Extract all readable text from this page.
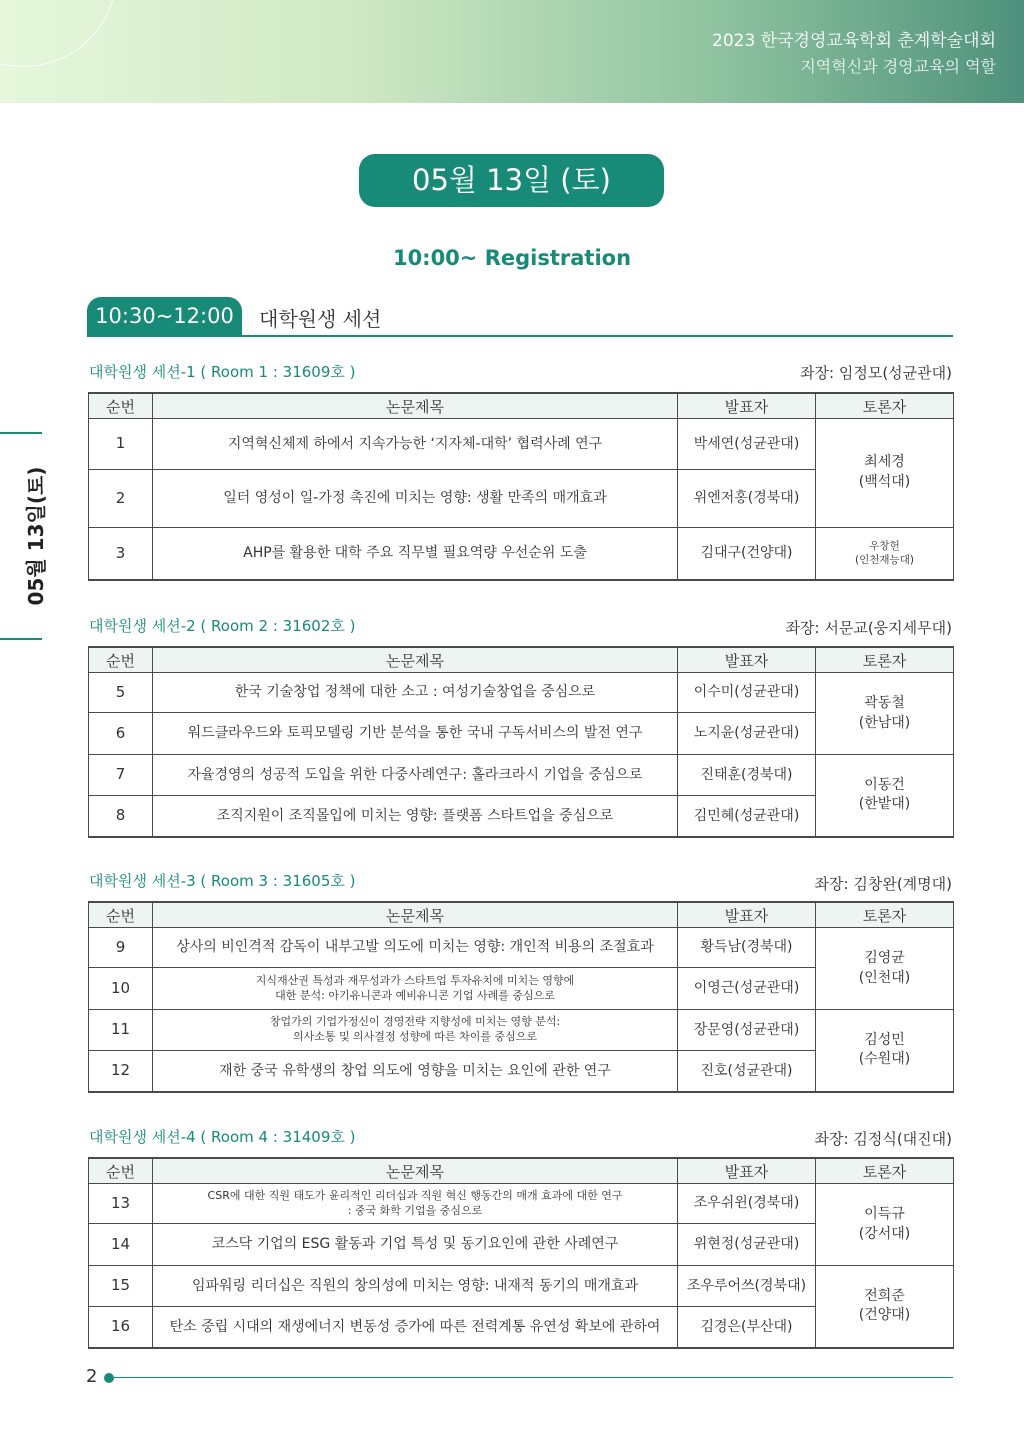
2023 한국경영교육학회 춘계학술대회
지역혁신과 경영교육의 역할
05월 13일(토)
05월 13일 (토)
10:00~ Registration
10:30~12:00	대학원생 세션
대학원생 세션-1 ( Room 1 : 31609호 )	좌장: 임정모(성균관대)
순번	논문제목	발표자	토론자
1	지역혁신체제 하에서 지속가능한 ‘지자체-대학’ 협력사례 연구	박세연(성균관대)	최세경
(백석대)
2	일터 영성이 일-가정 촉진에 미치는 영향: 생활 만족의 매개효과	위엔저홍(경북대)	
3	AHP를 활용한 대학 주요 직무별 필요역량 우선순위 도출	김대구(건양대)	우창헌
(인천재능대)
대학원생 세션-2 ( Room 2 : 31602호 )	좌장: 서문교(웅지세무대)
순번	논문제목	발표자	토론자
5	한국 기술창업 정책에 대한 소고 : 여성기술창업을 중심으로	이수미(성균관대)	곽동철
(한남대)
6	워드클라우드와 토픽모델링 기반 분석을 통한 국내 구독서비스의 발전 연구	노지윤(성균관대)	
7	자율경영의 성공적 도입을 위한 다중사례연구: 홀라크라시 기업을 중심으로	진태훈(경북대)	이동건
(한밭대)
8	조직지원이 조직몰입에 미치는 영향: 플랫폼 스타트업을 중심으로	김민혜(성균관대)	
대학원생 세션-3 ( Room 3 : 31605호 )	좌장: 김창완(계명대)
순번	논문제목	발표자	토론자
9	상사의 비인격적 감독이 내부고발 의도에 미치는 영향: 개인적 비용의 조절효과	황득남(경북대)	김영균
(인천대)
10	지식재산권 특성과 재무성과가 스타트업 투자유치에 미치는 영향에
대한 분석: 아기유니콘과 예비유니콘 기업 사례를 중심으로	이영근(성균관대)	
11	창업가의 기업가정신이 경영전략 지향성에 미치는 영향 분석:
의사소통 및 의사결정 성향에 따른 차이를 중심으로	장문영(성균관대)	김성민
(수원대)
12	재한 중국 유학생의 창업 의도에 영향을 미치는 요인에 관한 연구	진호(성균관대)	
대학원생 세션-4 ( Room 4 : 31409호 )	좌장: 김정식(대진대)
순번	논문제목	발표자	토론자
13	CSR에 대한 직원 태도가 윤리적인 리더십과 직원 혁신 행동간의 매개 효과에 대한 연구
: 중국 화학 기업을 중심으로	조우쉬윈(경북대)	이득규
(강서대)
14	코스닥 기업의 ESG 활동과 기업 특성 및 동기요인에 관한 사례연구	위현정(성균관대)	
15	임파워링 리더십은 직원의 창의성에 미치는 영향: 내재적 동기의 매개효과	조우루어쓰(경북대)	전희준
(건양대)
16	탄소 중립 시대의 재생에너지 변동성 증가에 따른 전력계통 유연성 확보에 관하여	김경은(부산대)	
2
